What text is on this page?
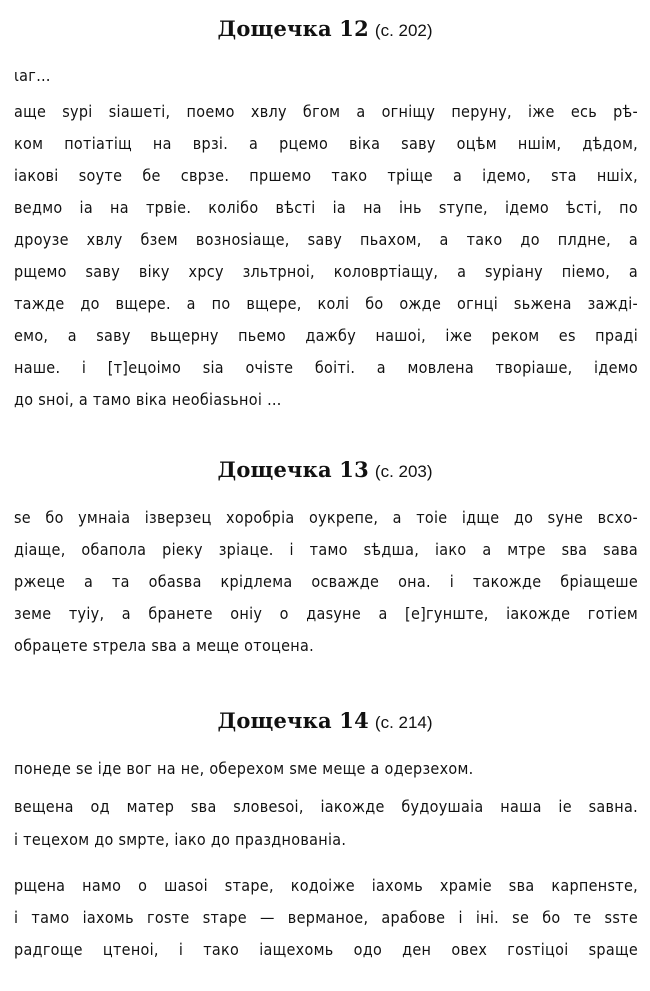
Дощечка 12 (с. 202)
ιаг…
аще ѕурі ѕіашеті, поемо хвлу бгом а огніщу перуну, іже есь рѣ-
ком потіатіщ на врзі. а рцемо віка ѕаву оцѣм ншім, дѣдом,
іакові ѕоуте бе сврзе. пршемо тако тріще а ідемо, ѕта ншіх,
ведмо іа на трвіе. колібо вѣсті іа на інь ѕтупе, ідемо ѣсті, по
дроузе хвлу бзем возноѕіаще, ѕаву пьахом, а тако до плдне, а
рщемо ѕаву віку хрсу зльтрноі, коловртіащу, а ѕуріану піемо, а
тажде до вщере. а по вщере, колі бо ожде огнці ѕьжена зажді-
емо, а ѕаву вьщерну пьемо дажбу нашоі, іже реком еѕ праді
наше. і [т]ецоімо ѕіа очіѕте боіті. а мовлена творіаше, ідемо
до ѕноі, а тамо віка необіаѕьноі …
Дощечка 13 (с. 203)
ѕе бо умнаіа ізверзец хоробріа оукрепе, а тоіе ідще до ѕуне всхо-
діаще, обапола ріеку зріаце. і тамо ѕѣдша, іако а мтре ѕва ѕава
ржеце а та обаѕва крідлема осваждe она. і такожде бріащеше
земе туіу, а бранете оніу о даѕуне а [е]гунште, іакожде готіем
обрацете ѕтрела ѕва а меще отоцена.
Дощечка 14 (с. 214)
понеде ѕе іде вог на не, оберехом ѕме меще а одерзехом.
вещена од матер ѕва ѕловеѕоі, іакожде будоушаіа наша іе ѕавна.
і тецехом до ѕмрте, іако до празднованіа.
рщена намо о шаѕоі ѕтаре, кодоіже іахомь храміе ѕва карпенѕте,
і тамо іахомь гоѕте ѕтаре — верманое, арабове і іні. ѕе бо те ѕѕте
радгоще цтеноі, і тако іащехомь одо ден овех гоѕтіцоі ѕраще
